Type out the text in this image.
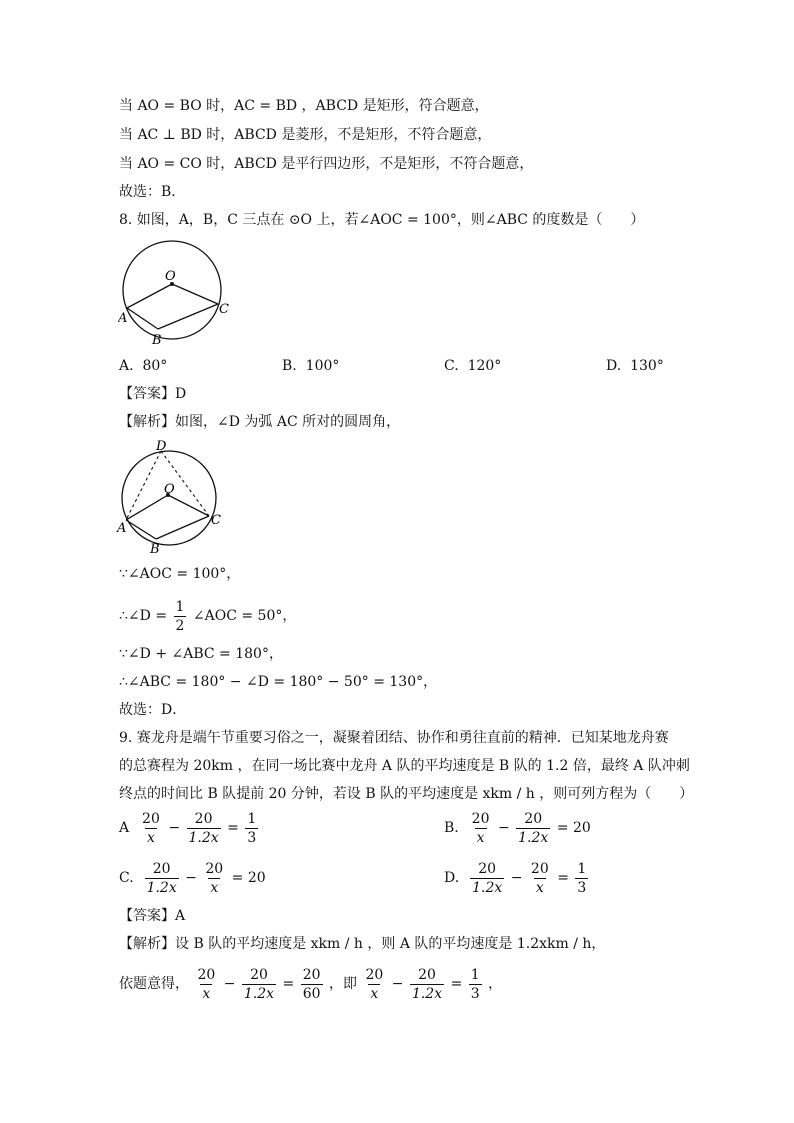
当 AO = BO 时，AC = BD ，ABCD 是矩形，符合题意，
当 AC ⊥ BD 时，ABCD 是菱形，不是矩形，不符合题意，
当 AO = CO 时，ABCD 是平行四边形，不是矩形，不符合题意，
故选：B．
8. 如图，A，B，C 三点在 ⊙O 上，若∠AOC = 100°，则∠ABC 的度数是（　　）
O
A
B
C
A. 80°	B. 100°	C. 120°	D. 130°
【答案】D
【解析】如图，∠D 为弧 AC 所对的圆周角，
D
O
A
B
C
∵∠AOC = 100°，
∴∠D = $\frac{1}{2}$ ∠AOC = 50°，
∵∠D + ∠ABC = 180°，
∴∠ABC = 180° − ∠D = 180° − 50° = 130°，
故选：D．
9. 赛龙舟是端午节重要习俗之一，凝聚着团结、协作和勇往直前的精神．已知某地龙舟赛
的总赛程为 20km ，在同一场比赛中龙舟 A 队的平均速度是 B 队的 1.2 倍，最终 A 队冲刺
终点的时间比 B 队提前 20 分钟，若设 B 队的平均速度是 xkm / h ，则可列方程为（　　）
A $\frac{20}{x} - \frac{20}{1.2x} = \frac{1}{3}$	B. $\frac{20}{x} - \frac{20}{1.2x} = 20$
C. $\frac{20}{1.2x} - \frac{20}{x} = 20$	D. $\frac{20}{1.2x} - \frac{20}{x} = \frac{1}{3}$
【答案】A
【解析】设 B 队的平均速度是 xkm / h ，则 A 队的平均速度是 1.2xkm / h，
依题意得， $\frac{20}{x} - \frac{20}{1.2x} = \frac{20}{60}$ ，即 $\frac{20}{x} - \frac{20}{1.2x} = \frac{1}{3}$ ，
